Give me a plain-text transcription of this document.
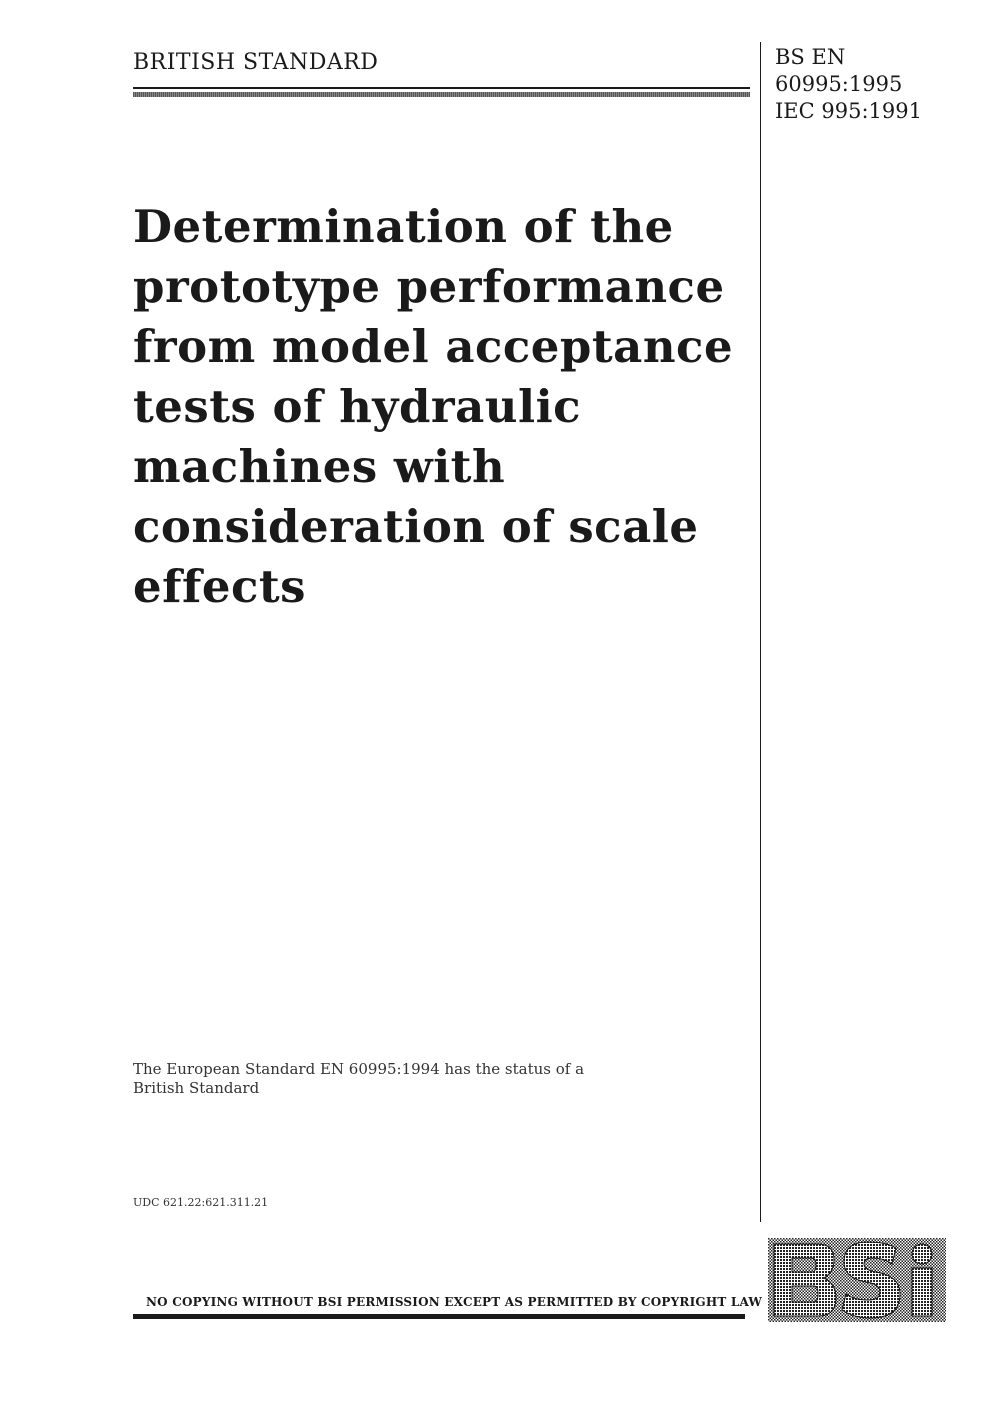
BRITISH STANDARD	BS EN
60995:1995
IEC 995:1991
Determination of the
prototype performance
from model acceptance
tests of hydraulic
machines with
consideration of scale
effects
The European Standard EN 60995:1994 has the status of a
British Standard
UDC 621.22:621.311.21
NO COPYING WITHOUT BSI PERMISSION EXCEPT AS PERMITTED BY COPYRIGHT LAW
